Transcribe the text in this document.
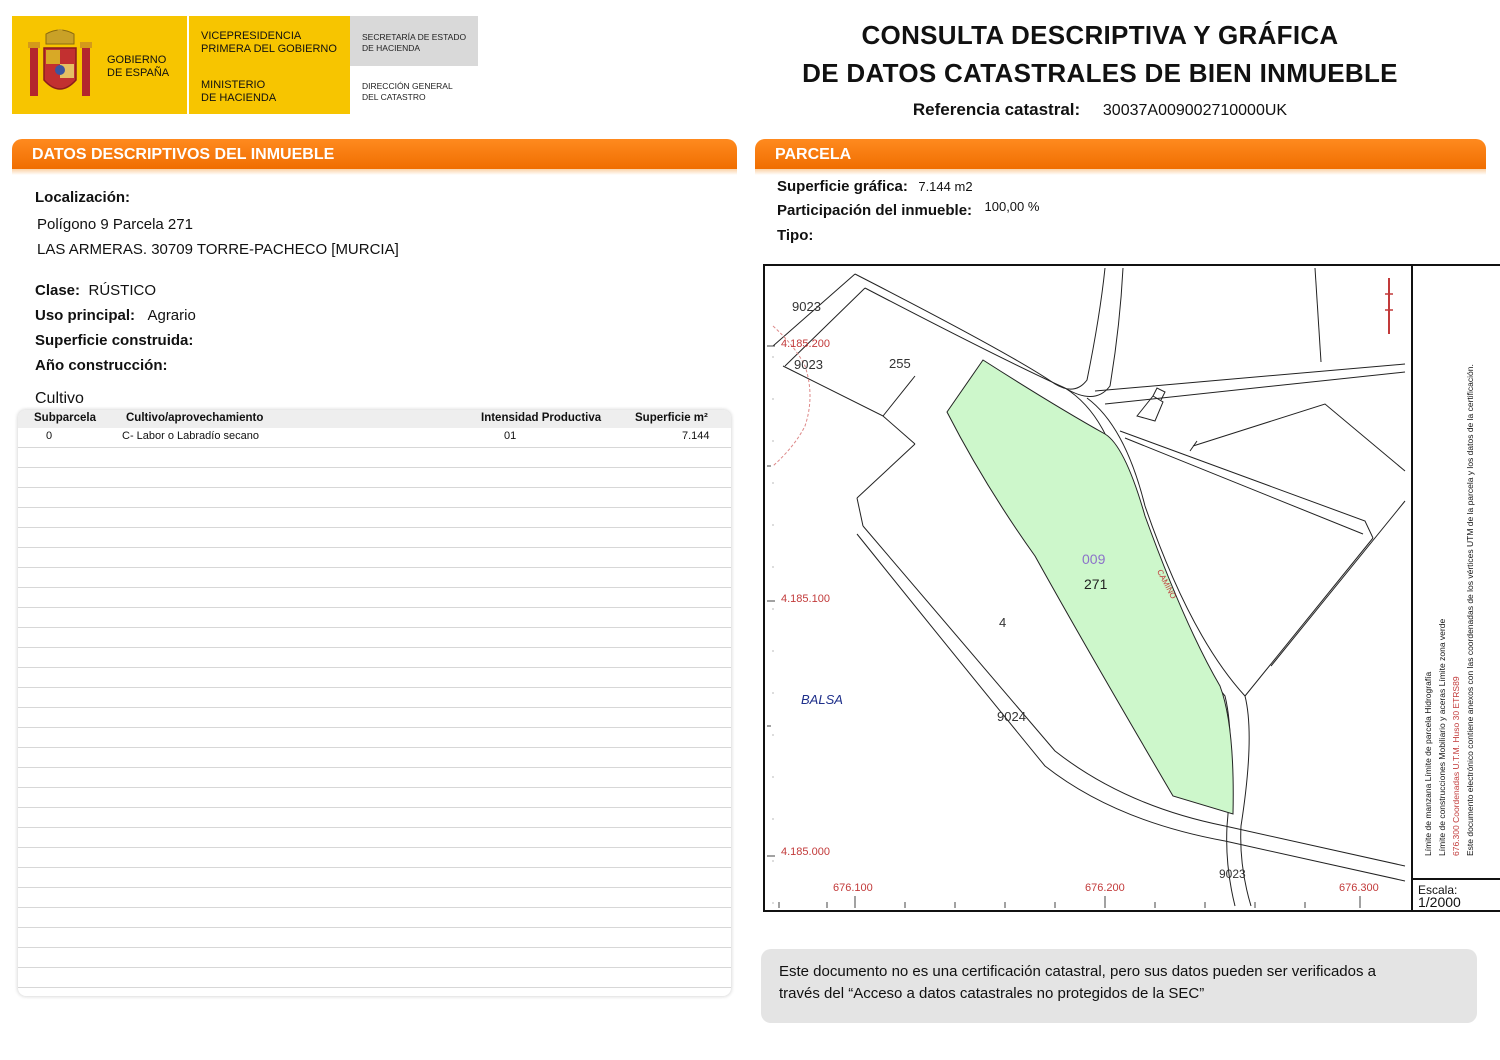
GOBIERNO
DE ESPAÑA
VICEPRESIDENCIA
PRIMERA DEL GOBIERNO
MINISTERIO
DE HACIENDA
SECRETARÍA DE ESTADO
DE HACIENDA
DIRECCIÓN GENERAL
DEL CATASTRO
CONSULTA DESCRIPTIVA Y GRÁFICA
DE DATOS CATASTRALES DE BIEN INMUEBLE
Referencia catastral: 30037A009002710000UK
DATOS DESCRIPTIVOS DEL INMUEBLE
Localización:
Polígono 9 Parcela 271
LAS ARMERAS. 30709 TORRE-PACHECO [MURCIA]
Clase: RÚSTICO
Uso principal: Agrario
Superficie construida:
Año construcción:
Cultivo
Subparcela	Cultivo/aprovechamiento	Intensidad Productiva	Superficie m²
0	C- Labor o Labradío secano	01	7.144
PARCELA
Superficie gráfica: 7.144 m2
Participación del inmueble: $^{100,00 \%}$
Tipo:
9023
9023	255
009
271
4
9024
9023
BALSA
CAMINO
4.185.200
4.185.100
4.185.000
676.100	676.200	676.300
Límite de manzana Límite de parcela Hidrografía Límite de construcciones Mobiliario y aceras Límite zona verde 676.300 Coordenadas U.T.M. Huso 30 ETRS89 Este documento electrónico contiene anexos con las coordenadas de los vértices UTM de la parcela y los datos de la certificación.
Escala:
1/2000
Este documento no es una certificación catastral, pero sus datos pueden ser verificados a
través del “Acceso a datos catastrales no protegidos de la SEC”
